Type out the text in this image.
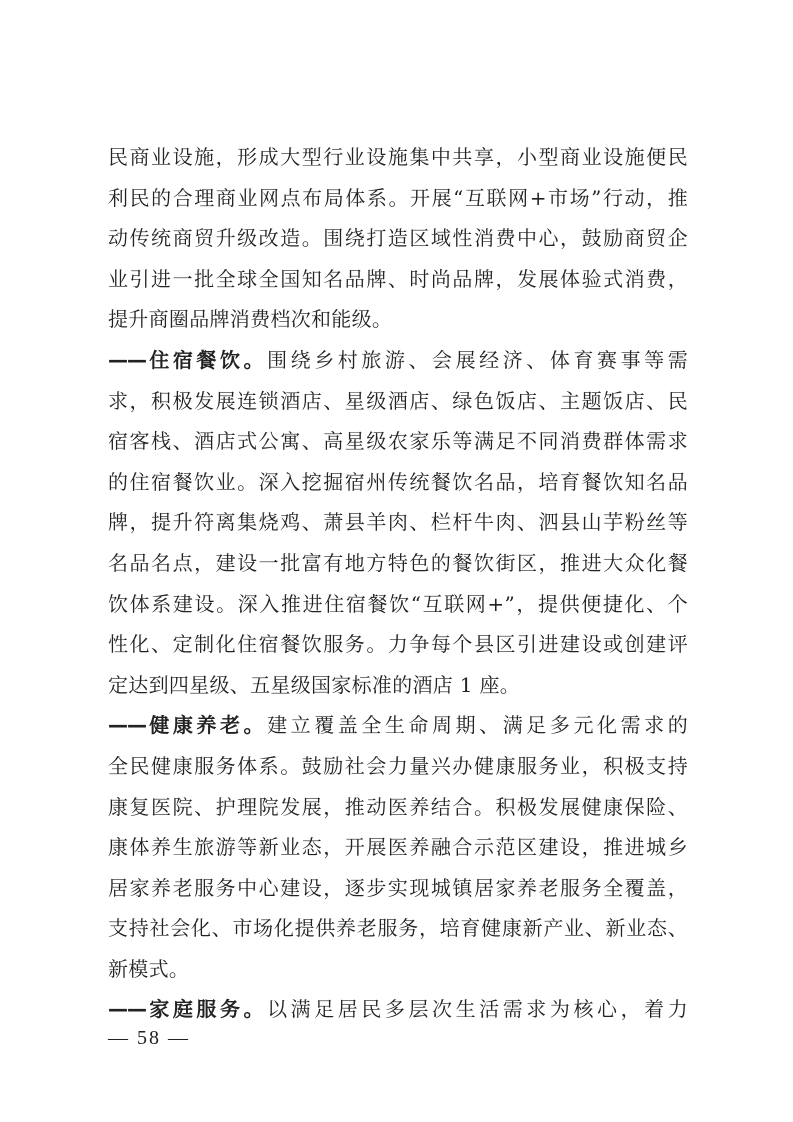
民商业设施，形成大型行业设施集中共享，小型商业设施便民
利民的合理商业网点布局体系。开展“互联网+市场”行动，推
动传统商贸升级改造。围绕打造区域性消费中心，鼓励商贸企
业引进一批全球全国知名品牌、时尚品牌，发展体验式消费，
提升商圈品牌消费档次和能级。
——住宿餐饮。围绕乡村旅游、会展经济、体育赛事等需
求，积极发展连锁酒店、星级酒店、绿色饭店、主题饭店、民
宿客栈、酒店式公寓、高星级农家乐等满足不同消费群体需求
的住宿餐饮业。深入挖掘宿州传统餐饮名品，培育餐饮知名品
牌，提升符离集烧鸡、萧县羊肉、栏杆牛肉、泗县山芋粉丝等
名品名点，建设一批富有地方特色的餐饮街区，推进大众化餐
饮体系建设。深入推进住宿餐饮“互联网+”，提供便捷化、个
性化、定制化住宿餐饮服务。力争每个县区引进建设或创建评
定达到四星级、五星级国家标准的酒店 1 座。
——健康养老。建立覆盖全生命周期、满足多元化需求的
全民健康服务体系。鼓励社会力量兴办健康服务业，积极支持
康复医院、护理院发展，推动医养结合。积极发展健康保险、
康体养生旅游等新业态，开展医养融合示范区建设，推进城乡
居家养老服务中心建设，逐步实现城镇居家养老服务全覆盖，
支持社会化、市场化提供养老服务，培育健康新产业、新业态、
新模式。
——家庭服务。以满足居民多层次生活需求为核心，着力
— 58 —
